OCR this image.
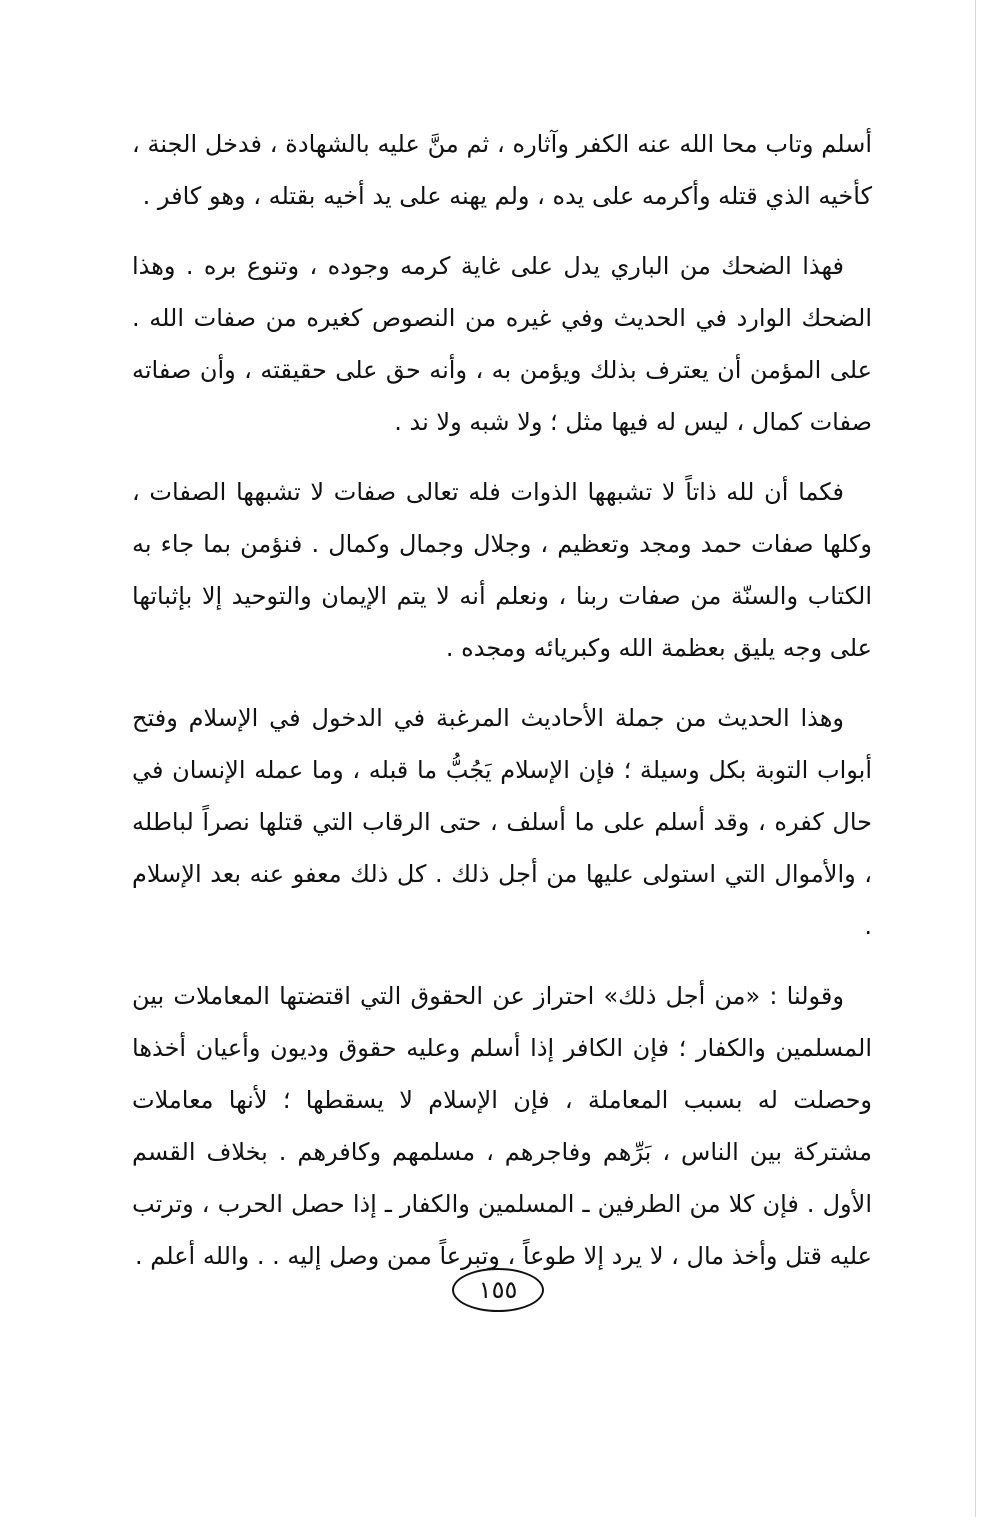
أسلم وتاب محا الله عنه الكفر وآثاره ، ثم منَّ عليه بالشهادة ، فدخل الجنة ، كأخيه الذي قتله وأكرمه على يده ، ولم يهنه على يد أخيه بقتله ، وهو كافر .

فهذا الضحك من الباري يدل على غاية كرمه وجوده ، وتنوع بره . وهذا الضحك الوارد في الحديث وفي غيره من النصوص كغيره من صفات الله . على المؤمن أن يعترف بذلك ويؤمن به ، وأنه حق على حقيقته ، وأن صفاته صفات كمال ، ليس له فيها مثل ؛ ولا شبه ولا ند .

فكما أن لله ذاتاً لا تشبهها الذوات فله تعالى صفات لا تشبهها الصفات ، وكلها صفات حمد ومجد وتعظيم ، وجلال وجمال وكمال . فنؤمن بما جاء به الكتاب والسنّة من صفات ربنا ، ونعلم أنه لا يتم الإيمان والتوحيد إلا بإثباتها على وجه يليق بعظمة الله وكبريائه ومجده .

وهذا الحديث من جملة الأحاديث المرغبة في الدخول في الإسلام وفتح أبواب التوبة بكل وسيلة ؛ فإن الإسلام يَجُبُّ ما قبله ، وما عمله الإنسان في حال كفره ، وقد أسلم على ما أسلف ، حتى الرقاب التي قتلها نصراً لباطله ، والأموال التي استولى عليها من أجل ذلك . كل ذلك معفو عنه بعد الإسلام .

وقولنا : «من أجل ذلك» احتراز عن الحقوق التي اقتضتها المعاملات بين المسلمين والكفار ؛ فإن الكافر إذا أسلم وعليه حقوق وديون وأعيان أخذها وحصلت له بسبب المعاملة ، فإن الإسلام لا يسقطها ؛ لأنها معاملات مشتركة بين الناس ، بَرِّهم وفاجرهم ، مسلمهم وكافرهم . بخلاف القسم الأول . فإن كلا من الطرفين ـ المسلمين والكفار ـ إذا حصل الحرب ، وترتب عليه قتل وأخذ مال ، لا يرد إلا طوعاً ، وتبرعاً ممن وصل إليه . . والله أعلم .

١٥٥
